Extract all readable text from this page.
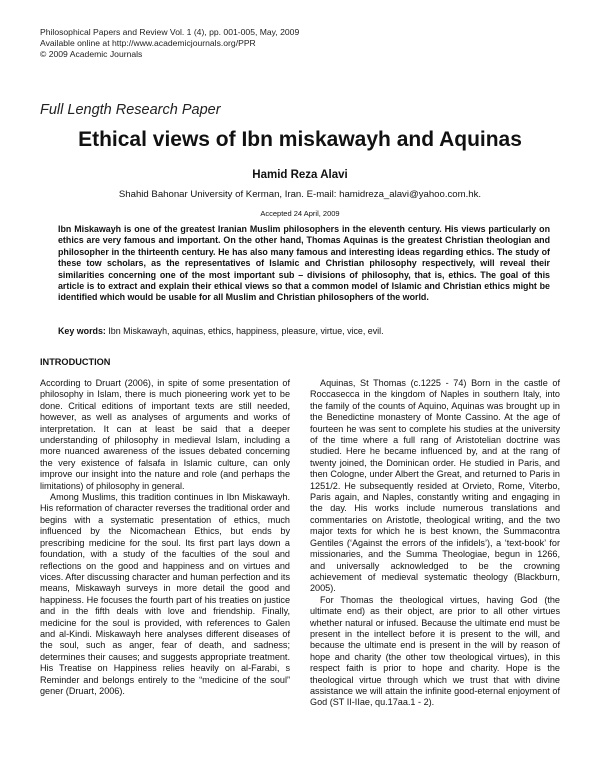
Philosophical Papers and Review Vol. 1 (4), pp. 001-005, May, 2009
Available online at http://www.academicjournals.org/PPR
© 2009 Academic Journals
Full Length Research Paper
Ethical views of Ibn miskawayh and Aquinas
Hamid Reza Alavi
Shahid Bahonar University of Kerman, Iran. E-mail: hamidreza_alavi@yahoo.com.hk.
Accepted 24 April, 2009

Ibn Miskawayh is one of the greatest Iranian Muslim philosophers in the eleventh century. His views particularly on ethics are very famous and important. On the other hand, Thomas Aquinas is the greatest Christian theologian and philosopher in the thirteenth century. He has also many famous and interesting ideas regarding ethics. The study of these tow scholars, as the representatives of Islamic and Christian philosophy respectively, will reveal their similarities concerning one of the most important sub – divisions of philosophy, that is, ethics. The goal of this article is to extract and explain their ethical views so that a common model of Islamic and Christian ethics might be identified which would be usable for all Muslim and Christian philosophers of the world.

Key words: Ibn Miskawayh, aquinas, ethics, happiness, pleasure, virtue, vice, evil.

INTRODUCTION

According to Druart (2006), in spite of some presentation of philosophy in Islam, there is much pioneering work yet to be done. Critical editions of important texts are still needed, however, as well as analyses of arguments and works of interpretation. It can at least be said that a deeper understanding of philosophy in medieval Islam, including a more nuanced awareness of the issues debated concerning the very existence of falsafa in Islamic culture, can only improve our insight into the nature and role (and perhaps the limitations) of philosophy in general.

Among Muslims, this tradition continues in Ibn Miskawayh. His reformation of character reverses the traditional order and begins with a systematic presentation of ethics, much influenced by the Nicomachean Ethics, but ends by prescribing medicine for the soul. Its first part lays down a foundation, with a study of the faculties of the soul and reflections on the good and happiness and on virtues and vices. After discussing character and human perfection and its means, Miskawayh surveys in more detail the good and happiness. He focuses the fourth part of his treaties on justice and in the fifth deals with love and friendship. Finally, medicine for the soul is provided, with references to Galen and al-Kindi. Miskawayh here analyses different diseases of the soul, such as anger, fear of death, and sadness; determines their causes; and suggests appropriate treatment. His Treatise on Happiness relies heavily on al-Farabi, s Reminder and belongs entirely to the “medicine of the soul” gener (Druart, 2006).

Aquinas, St Thomas (c.1225 - 74) Born in the castle of Roccasecca in the kingdom of Naples in southern Italy, into the family of the counts of Aquino, Aquinas was brought up in the Benedictine monastery of Monte Cassino. At the age of fourteen he was sent to complete his studies at the university of the time where a full rang of Aristotelian doctrine was studied. Here he became influenced by, and at the rang of twenty joined, the Dominican order. He studied in Paris, and then Cologne, under Albert the Great, and returned to Paris in 1251/2. He subsequently resided at Orvieto, Rome, Viterbo, Paris again, and Naples, constantly writing and engaging in the day. His works include numerous translations and commentaries on Aristotle, theological writing, and the two major texts for which he is best known, the Summacontra Gentiles (‘Against the errors of the infidels’), a ‘text-book’ for missionaries, and the Summa Theologiae, begun in 1266, and universally acknowledged to be the crowning achievement of medieval systematic theology (Blackburn, 2005).

For Thomas the theological virtues, having God (the ultimate end) as their object, are prior to all other virtues whether natural or infused. Because the ultimate end must be present in the intellect before it is present to the will, and because the ultimate end is present in the will by reason of hope and charity (the other tow theological virtues), in this respect faith is prior to hope and charity. Hope is the theological virtue through which we trust that with divine assistance we will attain the infinite good-eternal enjoyment of God (ST II-IIae, qu.17aa.1 - 2).
